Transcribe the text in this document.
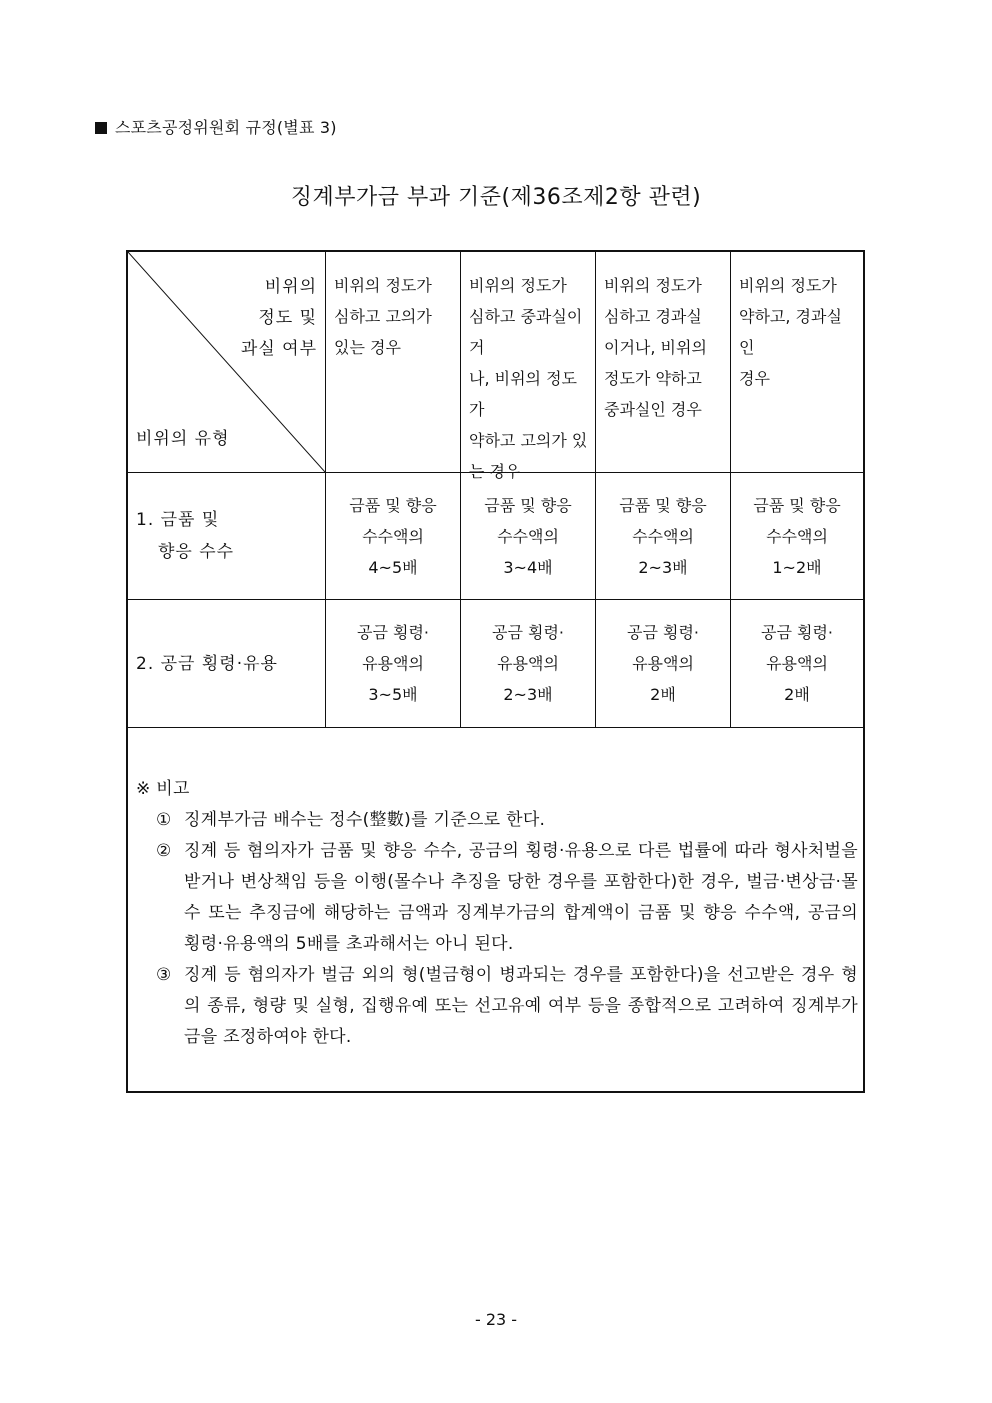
스포츠공정위원회 규정(별표 3)
징계부가금 부과 기준(제36조제2항 관련)
비위의
정도 및
과실 여부
비위의 유형
비위의 정도가
심하고 고의가
있는 경우
비위의 정도가
심하고 중과실이거
나, 비위의 정도가
약하고 고의가 있
는 경우
비위의 정도가
심하고 경과실
이거나, 비위의
정도가 약하고
중과실인 경우
비위의 정도가
약하고, 경과실인
경우
1. 금품 및
향응 수수
금품 및 향응
수수액의
4~5배
금품 및 향응
수수액의
3~4배
금품 및 향응
수수액의
2~3배
금품 및 향응
수수액의
1~2배
2. 공금 횡령·유용
공금 횡령·
유용액의
3~5배
공금 횡령·
유용액의
2~3배
공금 횡령·
유용액의
2배
공금 횡령·
유용액의
2배
※ 비고
① 징계부가금 배수는 정수(整數)를 기준으로 한다.
② 징계 등 혐의자가 금품 및 향응 수수, 공금의 횡령·유용으로 다른 법률에 따라 형사처벌을 받거나 변상책임 등을 이행(몰수나 추징을 당한 경우를 포함한다)한 경우, 벌금·변상금·몰수 또는 추징금에 해당하는 금액과 징계부가금의 합계액이 금품 및 향응 수수액, 공금의 횡령·유용액의 5배를 초과해서는 아니 된다.
③ 징계 등 혐의자가 벌금 외의 형(벌금형이 병과되는 경우를 포함한다)을 선고받은 경우 형의 종류, 형량 및 실형, 집행유예 또는 선고유예 여부 등을 종합적으로 고려하여 징계부가금을 조정하여야 한다.
- 23 -
